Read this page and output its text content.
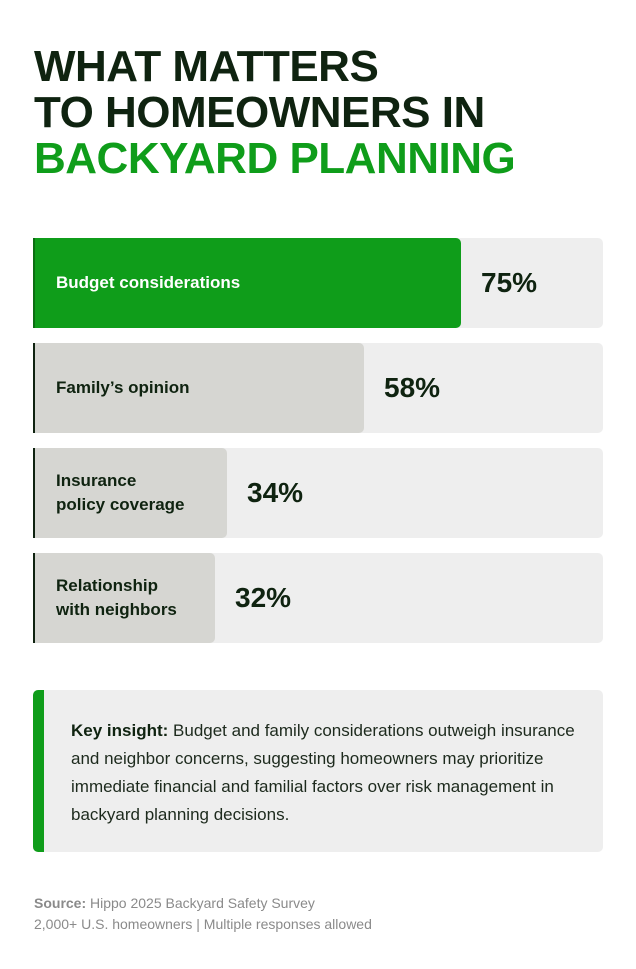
WHAT MATTERS
TO HOMEOWNERS IN
BACKYARD PLANNING
Budget considerations	75%
Family’s opinion	58%
Insurance
policy coverage 34%
Relationship
with neighbors 32%
Key insight: Budget and family considerations outweigh insurance and neighbor concerns, suggesting homeowners may prioritize immediate financial and familial factors over risk management in backyard planning decisions.
Source: Hippo 2025 Backyard Safety Survey
2,000+ U.S. homeowners | Multiple responses allowed
